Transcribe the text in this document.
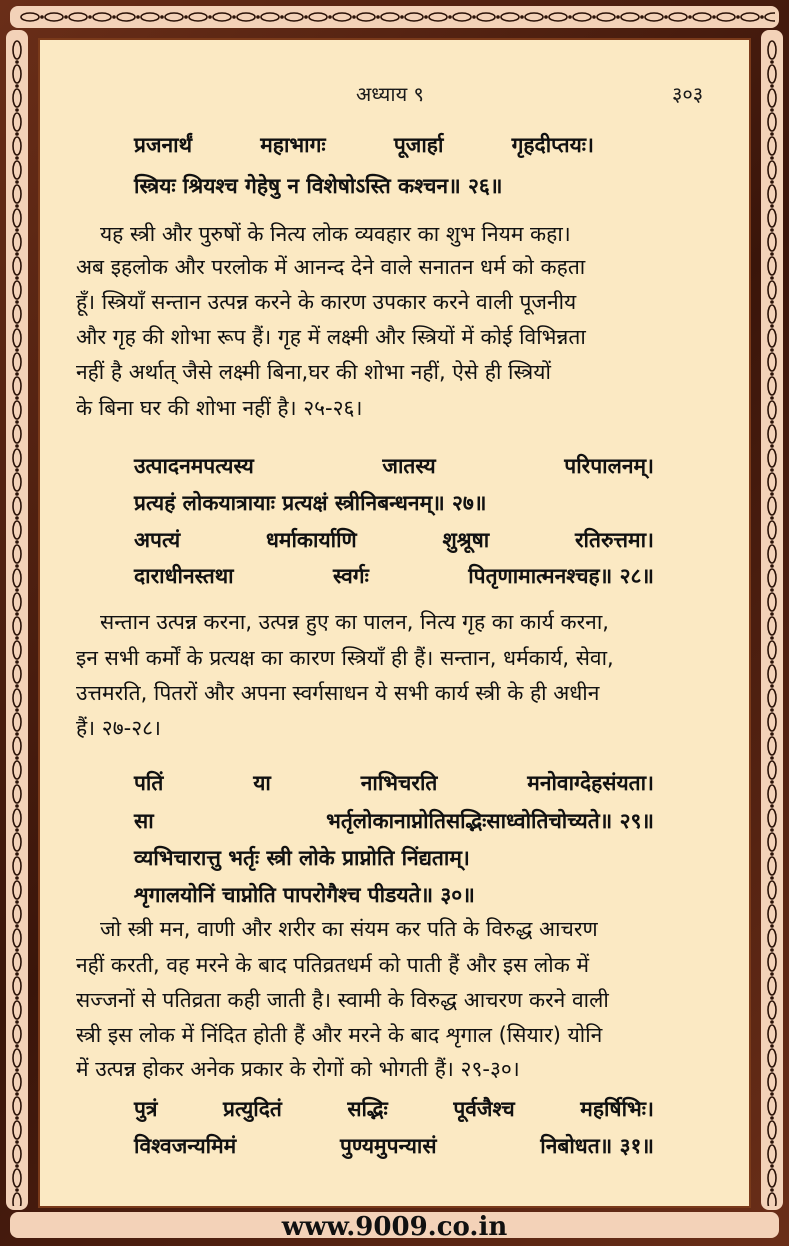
अध्याय ९	३०३
प्रजनार्थं	महाभागः	पूजार्हा	गृहदीप्तयः।
स्त्रियः श्रियश्च गेहेषु न विशेषोऽस्ति कश्चन॥ २६॥
यह स्त्री और पुरुषों के नित्य लोक व्यवहार का शुभ नियम कहा।
अब इहलोक और परलोक में आनन्द देने वाले सनातन धर्म को कहता
हूँ। स्त्रियाँ सन्तान उत्पन्न करने के कारण उपकार करने वाली पूजनीय
और गृह की शोभा रूप हैं। गृह में लक्ष्मी और स्त्रियों में कोई विभिन्नता
नहीं है अर्थात् जैसे लक्ष्मी बिना,घर की शोभा नहीं, ऐसे ही स्त्रियों
के बिना घर की शोभा नहीं है। २५-२६।
उत्पादनमपत्यस्य	जातस्य	परिपालनम्।
प्रत्यहं लोकयात्रायाः प्रत्यक्षं स्त्रीनिबन्धनम्॥ २७॥
अपत्यं	धर्माकार्याणि	शुश्रूषा	रतिरुत्तमा।
दाराधीनस्तथा	स्वर्गः	पितृणामात्मनश्चह॥ २८॥
सन्तान उत्पन्न करना, उत्पन्न हुए का पालन, नित्य गृह का कार्य करना,
इन सभी कर्मों के प्रत्यक्ष का कारण स्त्रियाँ ही हैं। सन्तान, धर्मकार्य, सेवा,
उत्तमरति, पितरों और अपना स्वर्गसाधन ये सभी कार्य स्त्री के ही अधीन
हैं। २७-२८।
पतिं	या	नाभिचरति	मनोवाग्देहसंयता।
सा	भर्तृलोकानाप्नोतिसद्भिःसाध्वोतिचोच्यते॥ २९॥
व्यभिचारात्तु भर्तृः स्त्री लोके प्राप्नोति निंद्यताम्।
शृगालयोनिं चाप्नोति पापरोगैश्च पीडयते॥ ३०॥
जो स्त्री मन, वाणी और शरीर का संयम कर पति के विरुद्ध आचरण
नहीं करती, वह मरने के बाद पतिव्रतधर्म को पाती हैं और इस लोक में
सज्जनों से पतिव्रता कही जाती है। स्वामी के विरुद्ध आचरण करने वाली
स्त्री इस लोक में निंदित होती हैं और मरने के बाद शृगाल (सियार) योनि
में उत्पन्न होकर अनेक प्रकार के रोगों को भोगती हैं। २९-३०।
पुत्रं	प्रत्युदितं	सद्भिः	पूर्वजैश्च	महर्षिभिः।
विश्वजन्यमिमं	पुण्यमुपन्यासं	निबोधत॥ ३१॥
www.9009.co.in
